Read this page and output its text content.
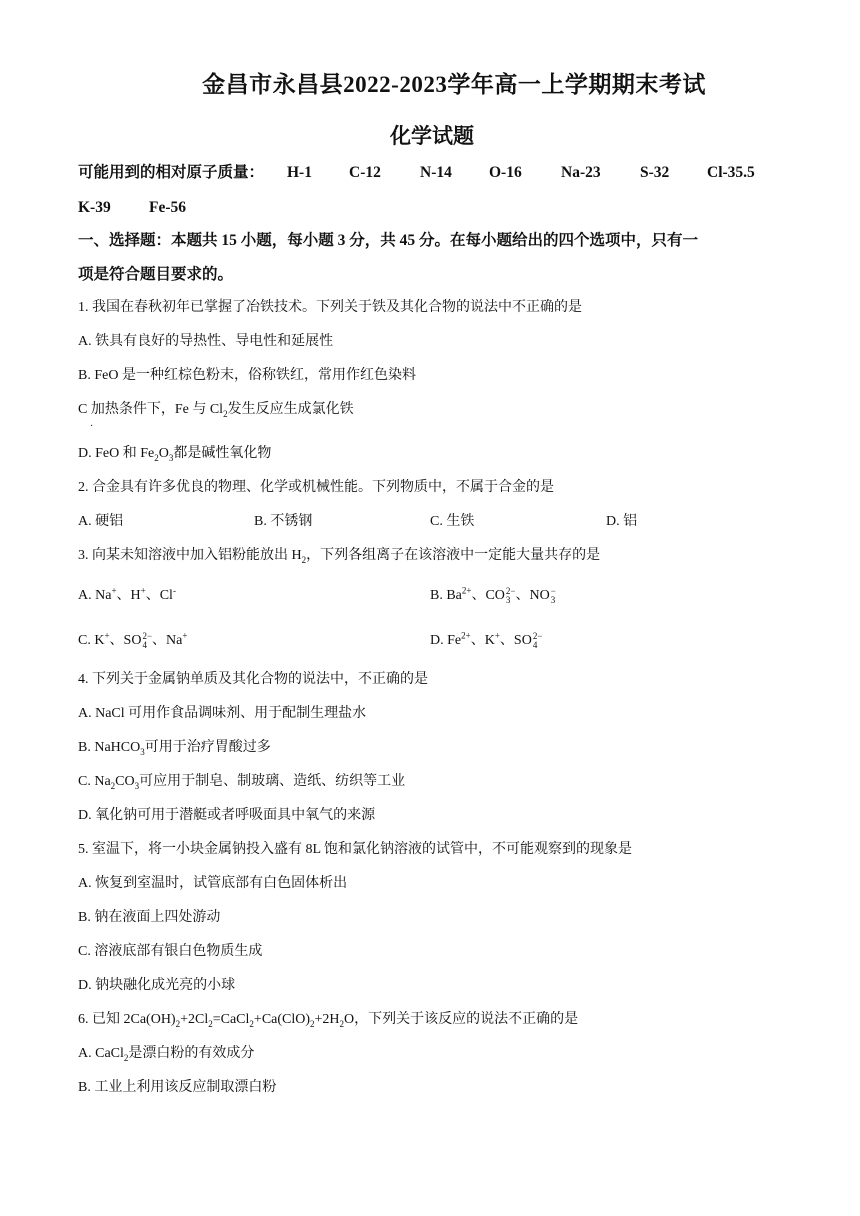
金昌市永昌县2022-2023学年高一上学期期末考试
化学试题
可能用到的相对原子质量： H-1 C-12	N-14 O-16	Na-23	S-32 Cl-35.5
K-39 Fe-56
一、选择题：本题共 15 小题，每小题 3 分，共 45 分。在每小题给出的四个选项中，只有一
项是符合题目要求的。
1. 我国在春秋初年已掌握了冶铁技术。下列关于铁及其化合物的说法中不正确的是
A. 铁具有良好的导热性、导电性和延展性
B. FeO 是一种红棕色粉末，俗称铁红，常用作红色染料
C 加热条件下，Fe 与 $Cl_2$发生反应生成氯化铁
·
D. FeO 和 $Fe_2O_3$都是碱性氧化物
2. 合金具有许多优良的物理、化学或机械性能。下列物质中，不属于合金的是
A. 硬铝	B. 不锈钢	C. 生铁	D. 铝
3. 向某未知溶液中加入铝粉能放出 $H_2$，下列各组离子在该溶液中一定能大量共存的是
A. Na+、H+、Cl-	B. $Ba^{2+}$、CO 2−
3 、NO −
3
C. K+、SO 2−
4 、Na+	D. $Fe^{2+}$、K+、SO 2−
4
4. 下列关于金属钠单质及其化合物的说法中，不正确的是
A. NaCl 可用作食品调味剂、用于配制生理盐水
B. NaHCO$_3$可用于治疗胃酸过多
C. $Na_2CO_3$可应用于制皂、制玻璃、造纸、纺织等工业
D. 氧化钠可用于潜艇或者呼吸面具中氧气的来源
5. 室温下，将一小块金属钠投入盛有 8L 饱和氯化钠溶液的试管中，不可能观察到的现象是
A. 恢复到室温时，试管底部有白色固体析出
B. 钠在液面上四处游动
C. 溶液底部有银白色物质生成
D. 钠块融化成光亮的小球
6. 已知 $2Ca(OH)_2+2Cl_2=CaCl_2+Ca(ClO)_2+2H_2O$，下列关于该反应的说法不正确的是
A. CaCl$_2$是漂白粉的有效成分
B. 工业上利用该反应制取漂白粉
